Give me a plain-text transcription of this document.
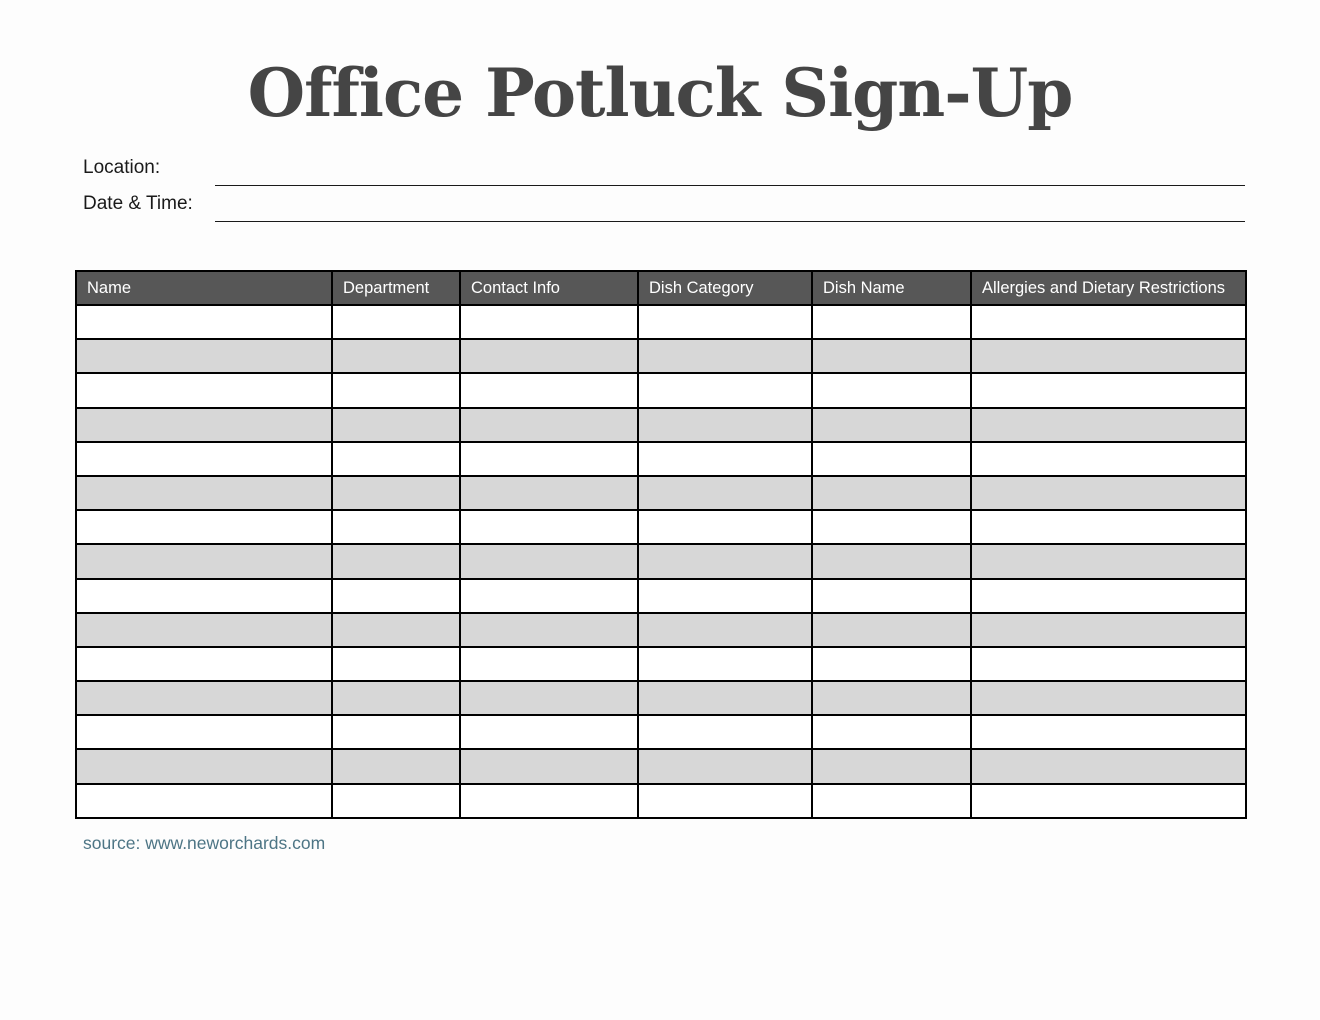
Office Potluck Sign-Up
Location:
Date & Time:
Name	Department	Contact Info	Dish Category	Dish Name	Allergies and Dietary Restrictions

source: www.neworchards.com
